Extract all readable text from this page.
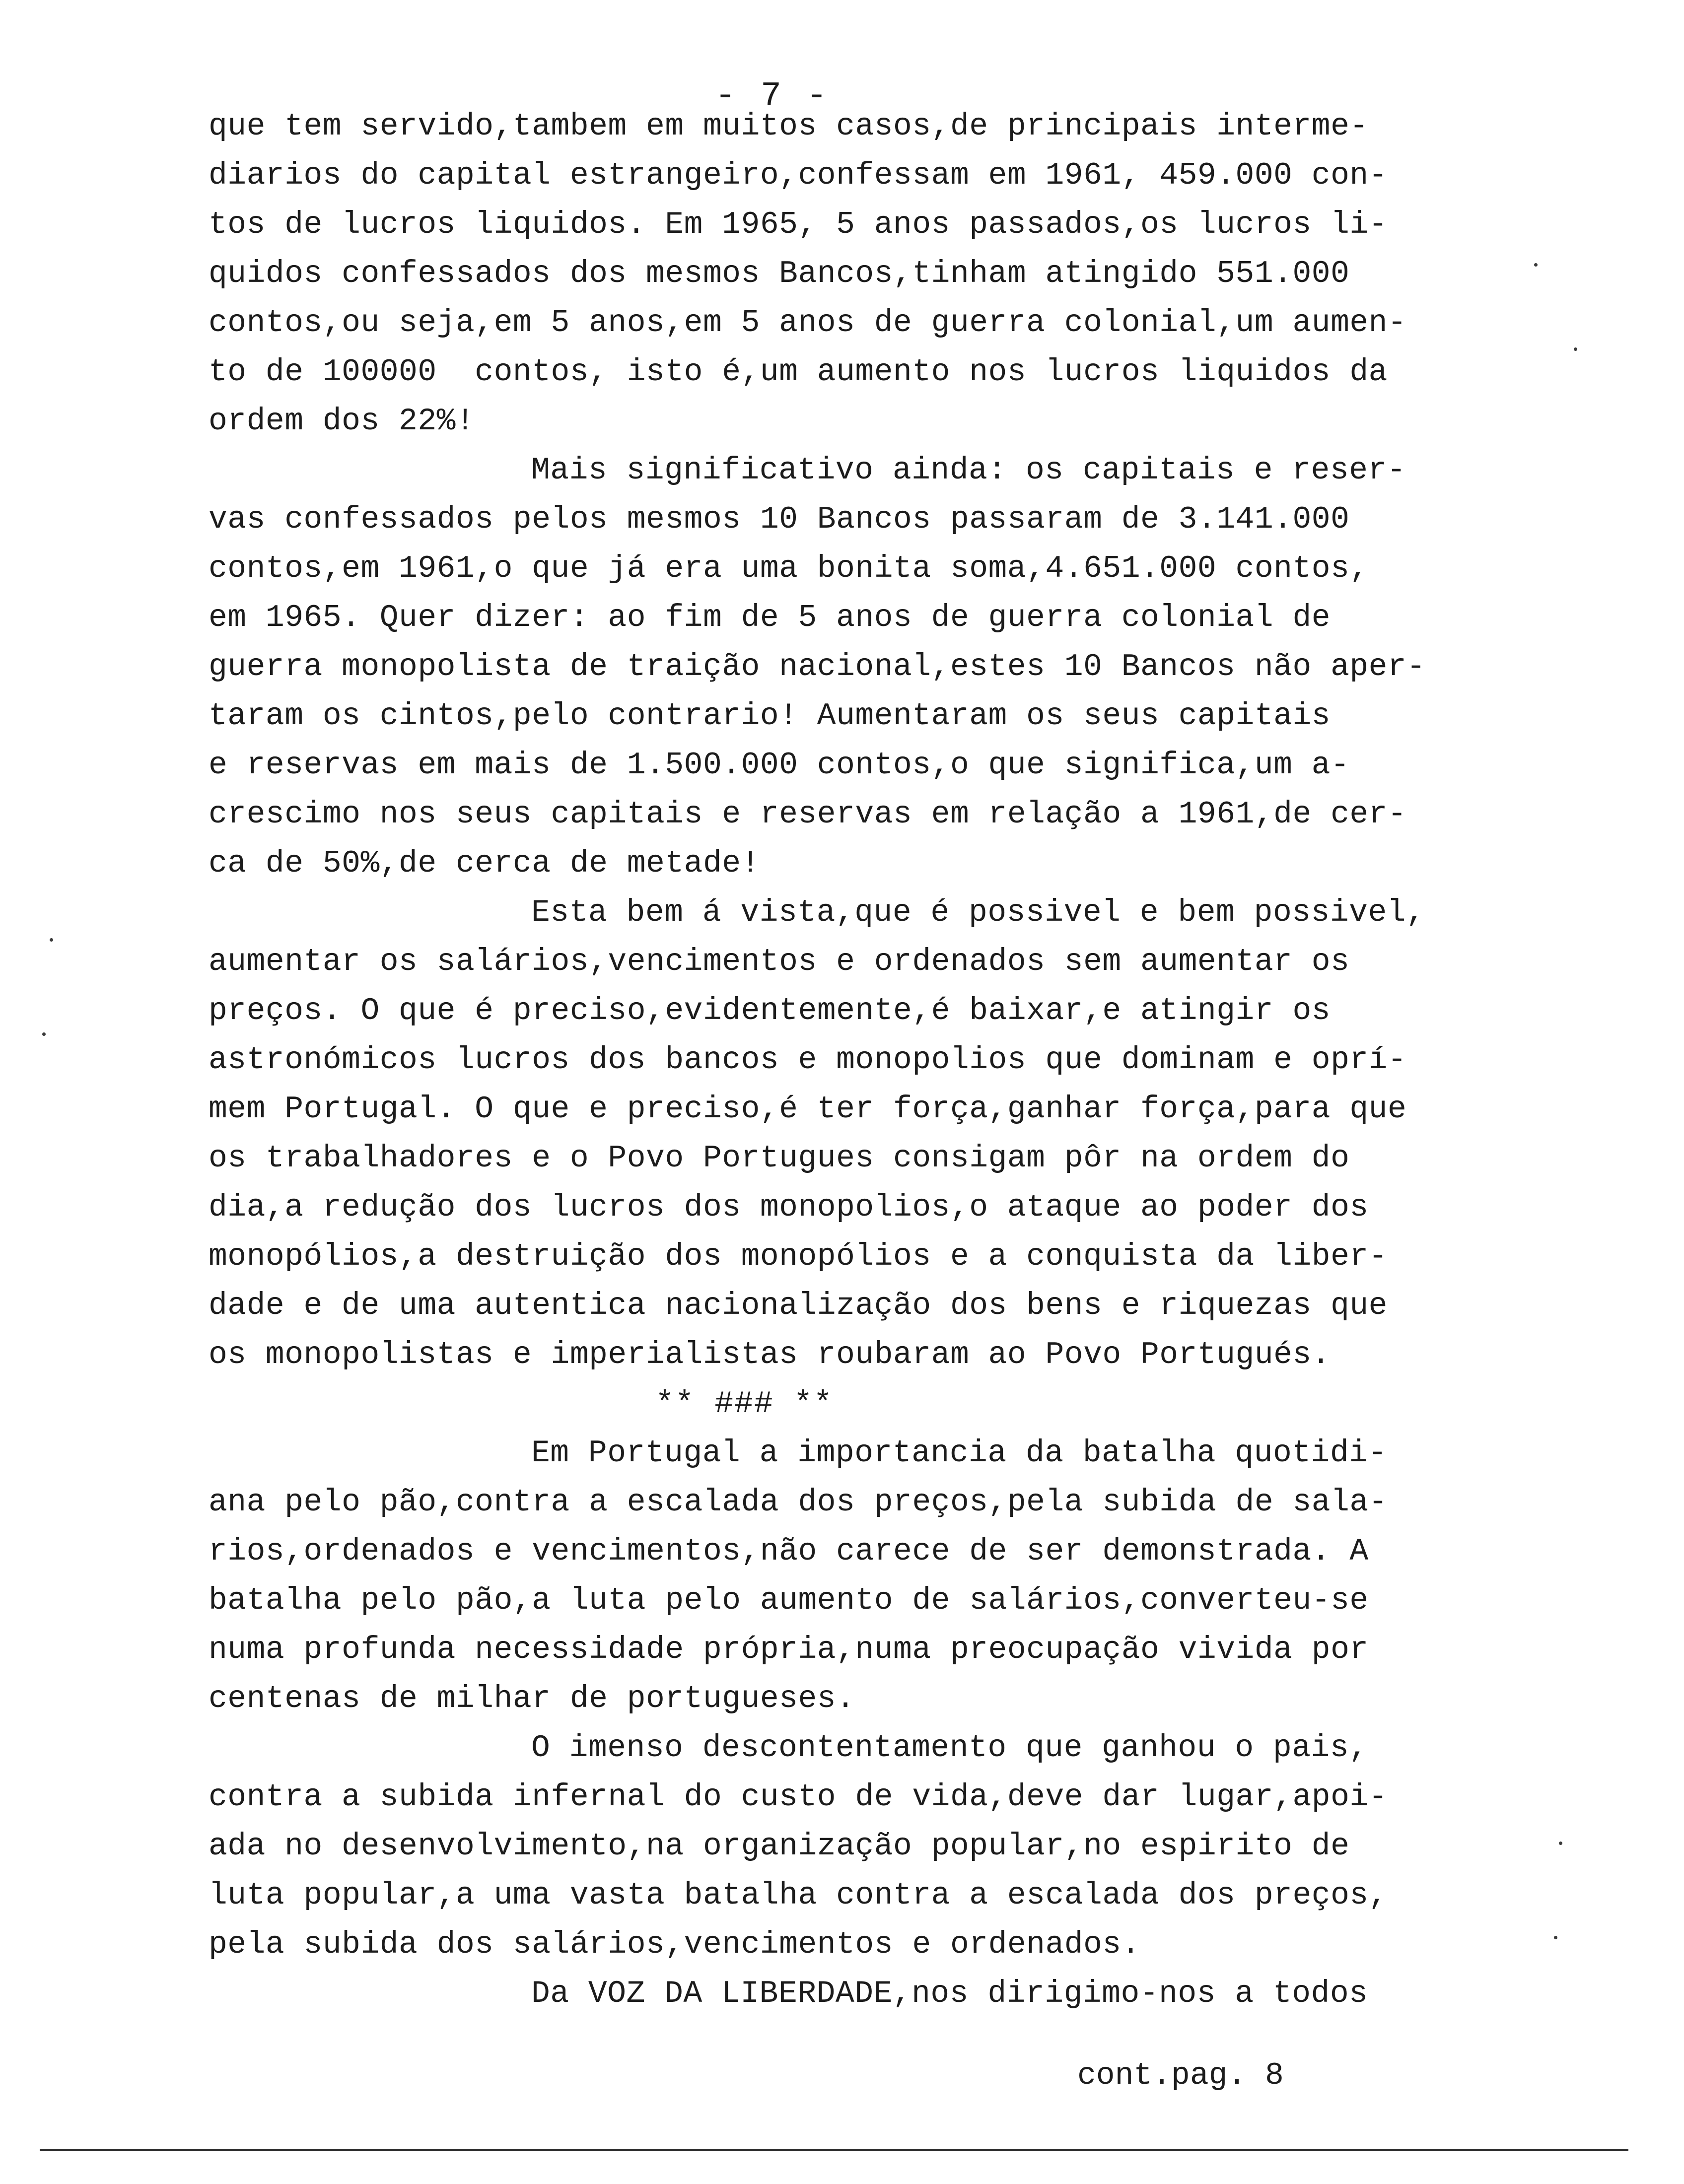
- 7 -
que tem servido,tambem em muitos casos,de principais interme-
diarios do capital estrangeiro,confessam em 1961, 459.000 con-
tos de lucros liquidos. Em 1965, 5 anos passados,os lucros li-
quidos confessados dos mesmos Bancos,tinham atingido 551.000
contos,ou seja,em 5 anos,em 5 anos de guerra colonial,um aumen-
to de 100000  contos, isto é,um aumento nos lucros liquidos da
ordem dos 22%!
Mais significativo ainda: os capitais e reser-
vas confessados pelos mesmos 10 Bancos passaram de 3.141.000
contos,em 1961,o que já era uma bonita soma,4.651.000 contos,
em 1965. Quer dizer: ao fim de 5 anos de guerra colonial de
guerra monopolista de traição nacional,estes 10 Bancos não aper-
taram os cintos,pelo contrario! Aumentaram os seus capitais
e reservas em mais de 1.500.000 contos,o que significa,um a-
crescimo nos seus capitais e reservas em relação a 1961,de cer-
ca de 50%,de cerca de metade!
Esta bem á vista,que é possivel e bem possivel,
aumentar os salários,vencimentos e ordenados sem aumentar os
preços. O que é preciso,evidentemente,é baixar,e atingir os
astronómicos lucros dos bancos e monopolios que dominam e oprí-
mem Portugal. O que e preciso,é ter força,ganhar força,para que
os trabalhadores e o Povo Portugues consigam pôr na ordem do
dia,a redução dos lucros dos monopolios,o ataque ao poder dos
monopólios,a destruição dos monopólios e a conquista da liber-
dade e de uma autentica nacionalização dos bens e riquezas que
os monopolistas e imperialistas roubaram ao Povo Portugués.
** ### **
Em Portugal a importancia da batalha quotidi-
ana pelo pão,contra a escalada dos preços,pela subida de sala-
rios,ordenados e vencimentos,não carece de ser demonstrada. A
batalha pelo pão,a luta pelo aumento de salários,converteu-se
numa profunda necessidade própria,numa preocupação vivida por
centenas de milhar de portugueses.
O imenso descontentamento que ganhou o pais,
contra a subida infernal do custo de vida,deve dar lugar,apoi-
ada no desenvolvimento,na organização popular,no espirito de
luta popular,a uma vasta batalha contra a escalada dos preços,
pela subida dos salários,vencimentos e ordenados.
Da VOZ DA LIBERDADE,nos dirigimo-nos a todos
cont.pag. 8
